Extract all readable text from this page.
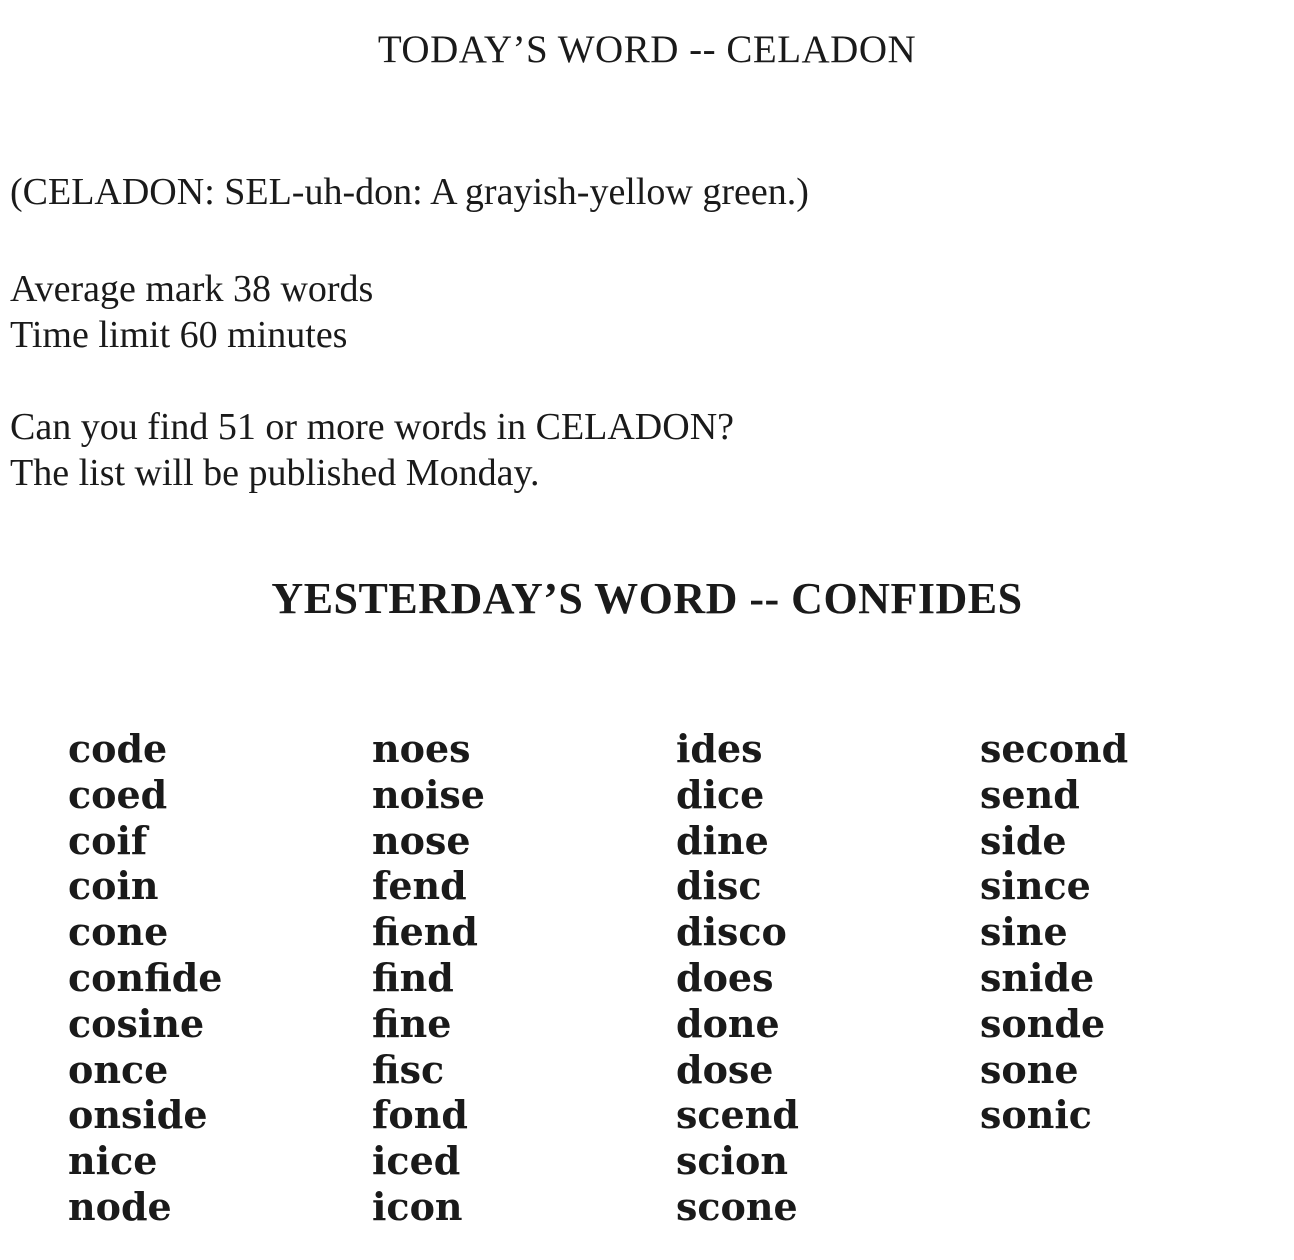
TODAY’S WORD -- CELADON
(CELADON: SEL-uh-don: A grayish-yellow green.)
Average mark 38 words
Time limit 60 minutes
Can you find 51 or more words in CELADON?
The list will be published Monday.
YESTERDAY’S WORD -- CONFIDES
code
coed
coif
coin
cone
confide
cosine
once
onside
nice
node
noes
noise
nose
fend
fiend
find
fine
fisc
fond
iced
icon
ides
dice
dine
disc
disco
does
done
dose
scend
scion
scone
second
send
side
since
sine
snide
sonde
sone
sonic
